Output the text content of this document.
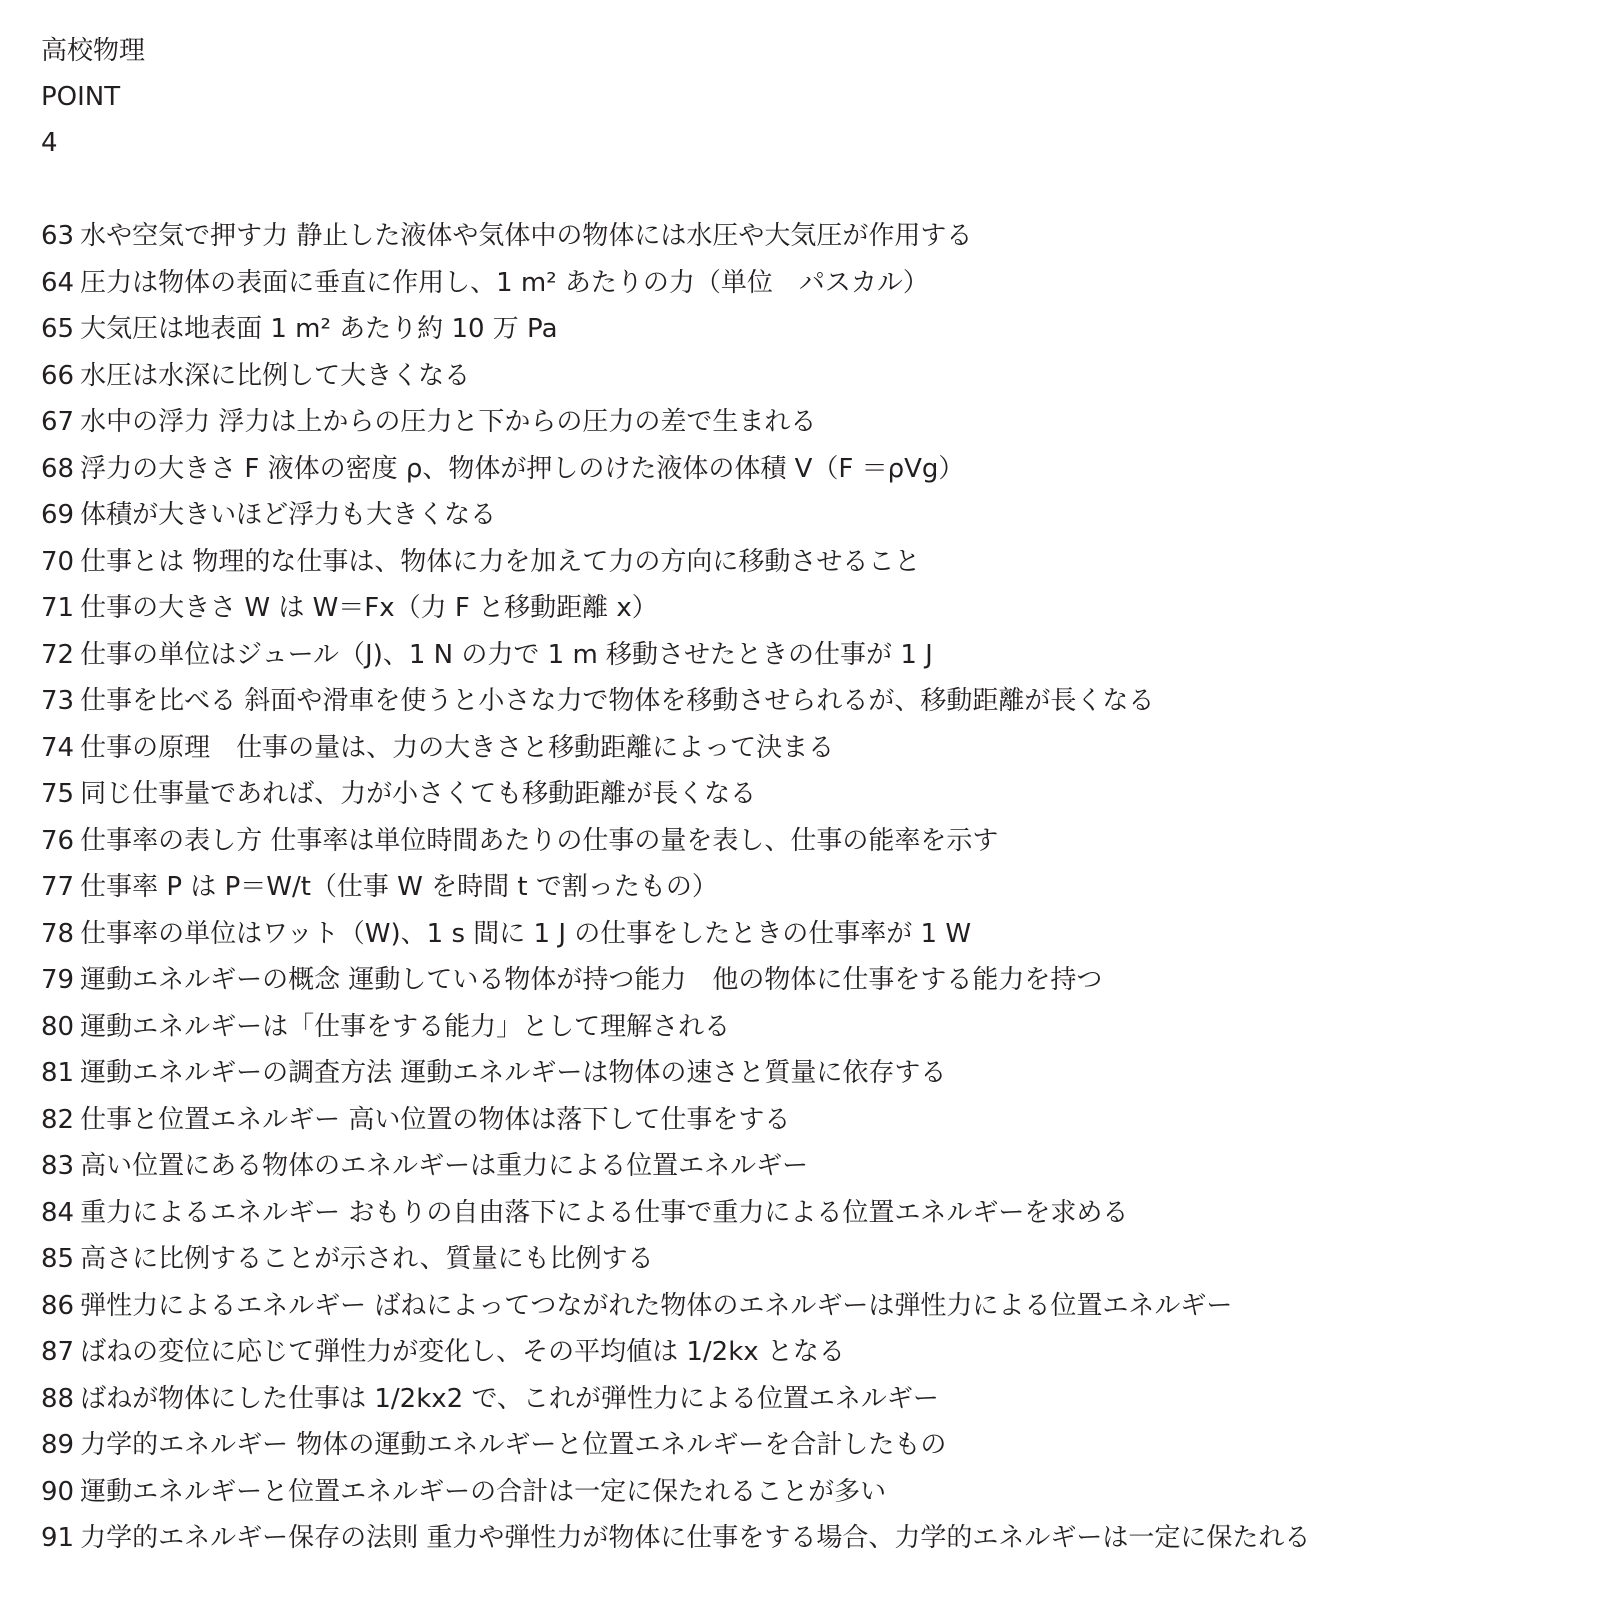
高校物理
POINT
4
63 水や空気で押す力 静止した液体や気体中の物体には水圧や大気圧が作用する
64 圧力は物体の表面に垂直に作用し、1 m² あたりの力（単位　パスカル）
65 大気圧は地表面 1 m² あたり約 10 万 Pa
66 水圧は水深に比例して大きくなる
67 水中の浮力 浮力は上からの圧力と下からの圧力の差で生まれる
68 浮力の大きさ F 液体の密度 ρ、物体が押しのけた液体の体積 V（F ＝ρVg）
69 体積が大きいほど浮力も大きくなる
70 仕事とは 物理的な仕事は、物体に力を加えて力の方向に移動させること
71 仕事の大きさ W は W＝Fx（力 F と移動距離 x）
72 仕事の単位はジュール（J)、1 N の力で 1 m 移動させたときの仕事が 1 J
73 仕事を比べる 斜面や滑車を使うと小さな力で物体を移動させられるが、移動距離が長くなる
74 仕事の原理　仕事の量は、力の大きさと移動距離によって決まる
75 同じ仕事量であれば、力が小さくても移動距離が長くなる
76 仕事率の表し方 仕事率は単位時間あたりの仕事の量を表し、仕事の能率を示す
77 仕事率 P は P＝W/t（仕事 W を時間 t で割ったもの）
78 仕事率の単位はワット（W)、1 s 間に 1 J の仕事をしたときの仕事率が 1 W
79 運動エネルギーの概念 運動している物体が持つ能力　他の物体に仕事をする能力を持つ
80 運動エネルギーは「仕事をする能力」として理解される
81 運動エネルギーの調査方法 運動エネルギーは物体の速さと質量に依存する
82 仕事と位置エネルギー 高い位置の物体は落下して仕事をする
83 高い位置にある物体のエネルギーは重力による位置エネルギー
84 重力によるエネルギー おもりの自由落下による仕事で重力による位置エネルギーを求める
85 高さに比例することが示され、質量にも比例する
86 弾性力によるエネルギー ばねによってつながれた物体のエネルギーは弾性力による位置エネルギー
87 ばねの変位に応じて弾性力が変化し、その平均値は 1/2kx となる
88 ばねが物体にした仕事は 1/2kx2 で、これが弾性力による位置エネルギー
89 力学的エネルギー 物体の運動エネルギーと位置エネルギーを合計したもの
90 運動エネルギーと位置エネルギーの合計は一定に保たれることが多い
91 力学的エネルギー保存の法則 重力や弾性力が物体に仕事をする場合、力学的エネルギーは一定に保たれる
